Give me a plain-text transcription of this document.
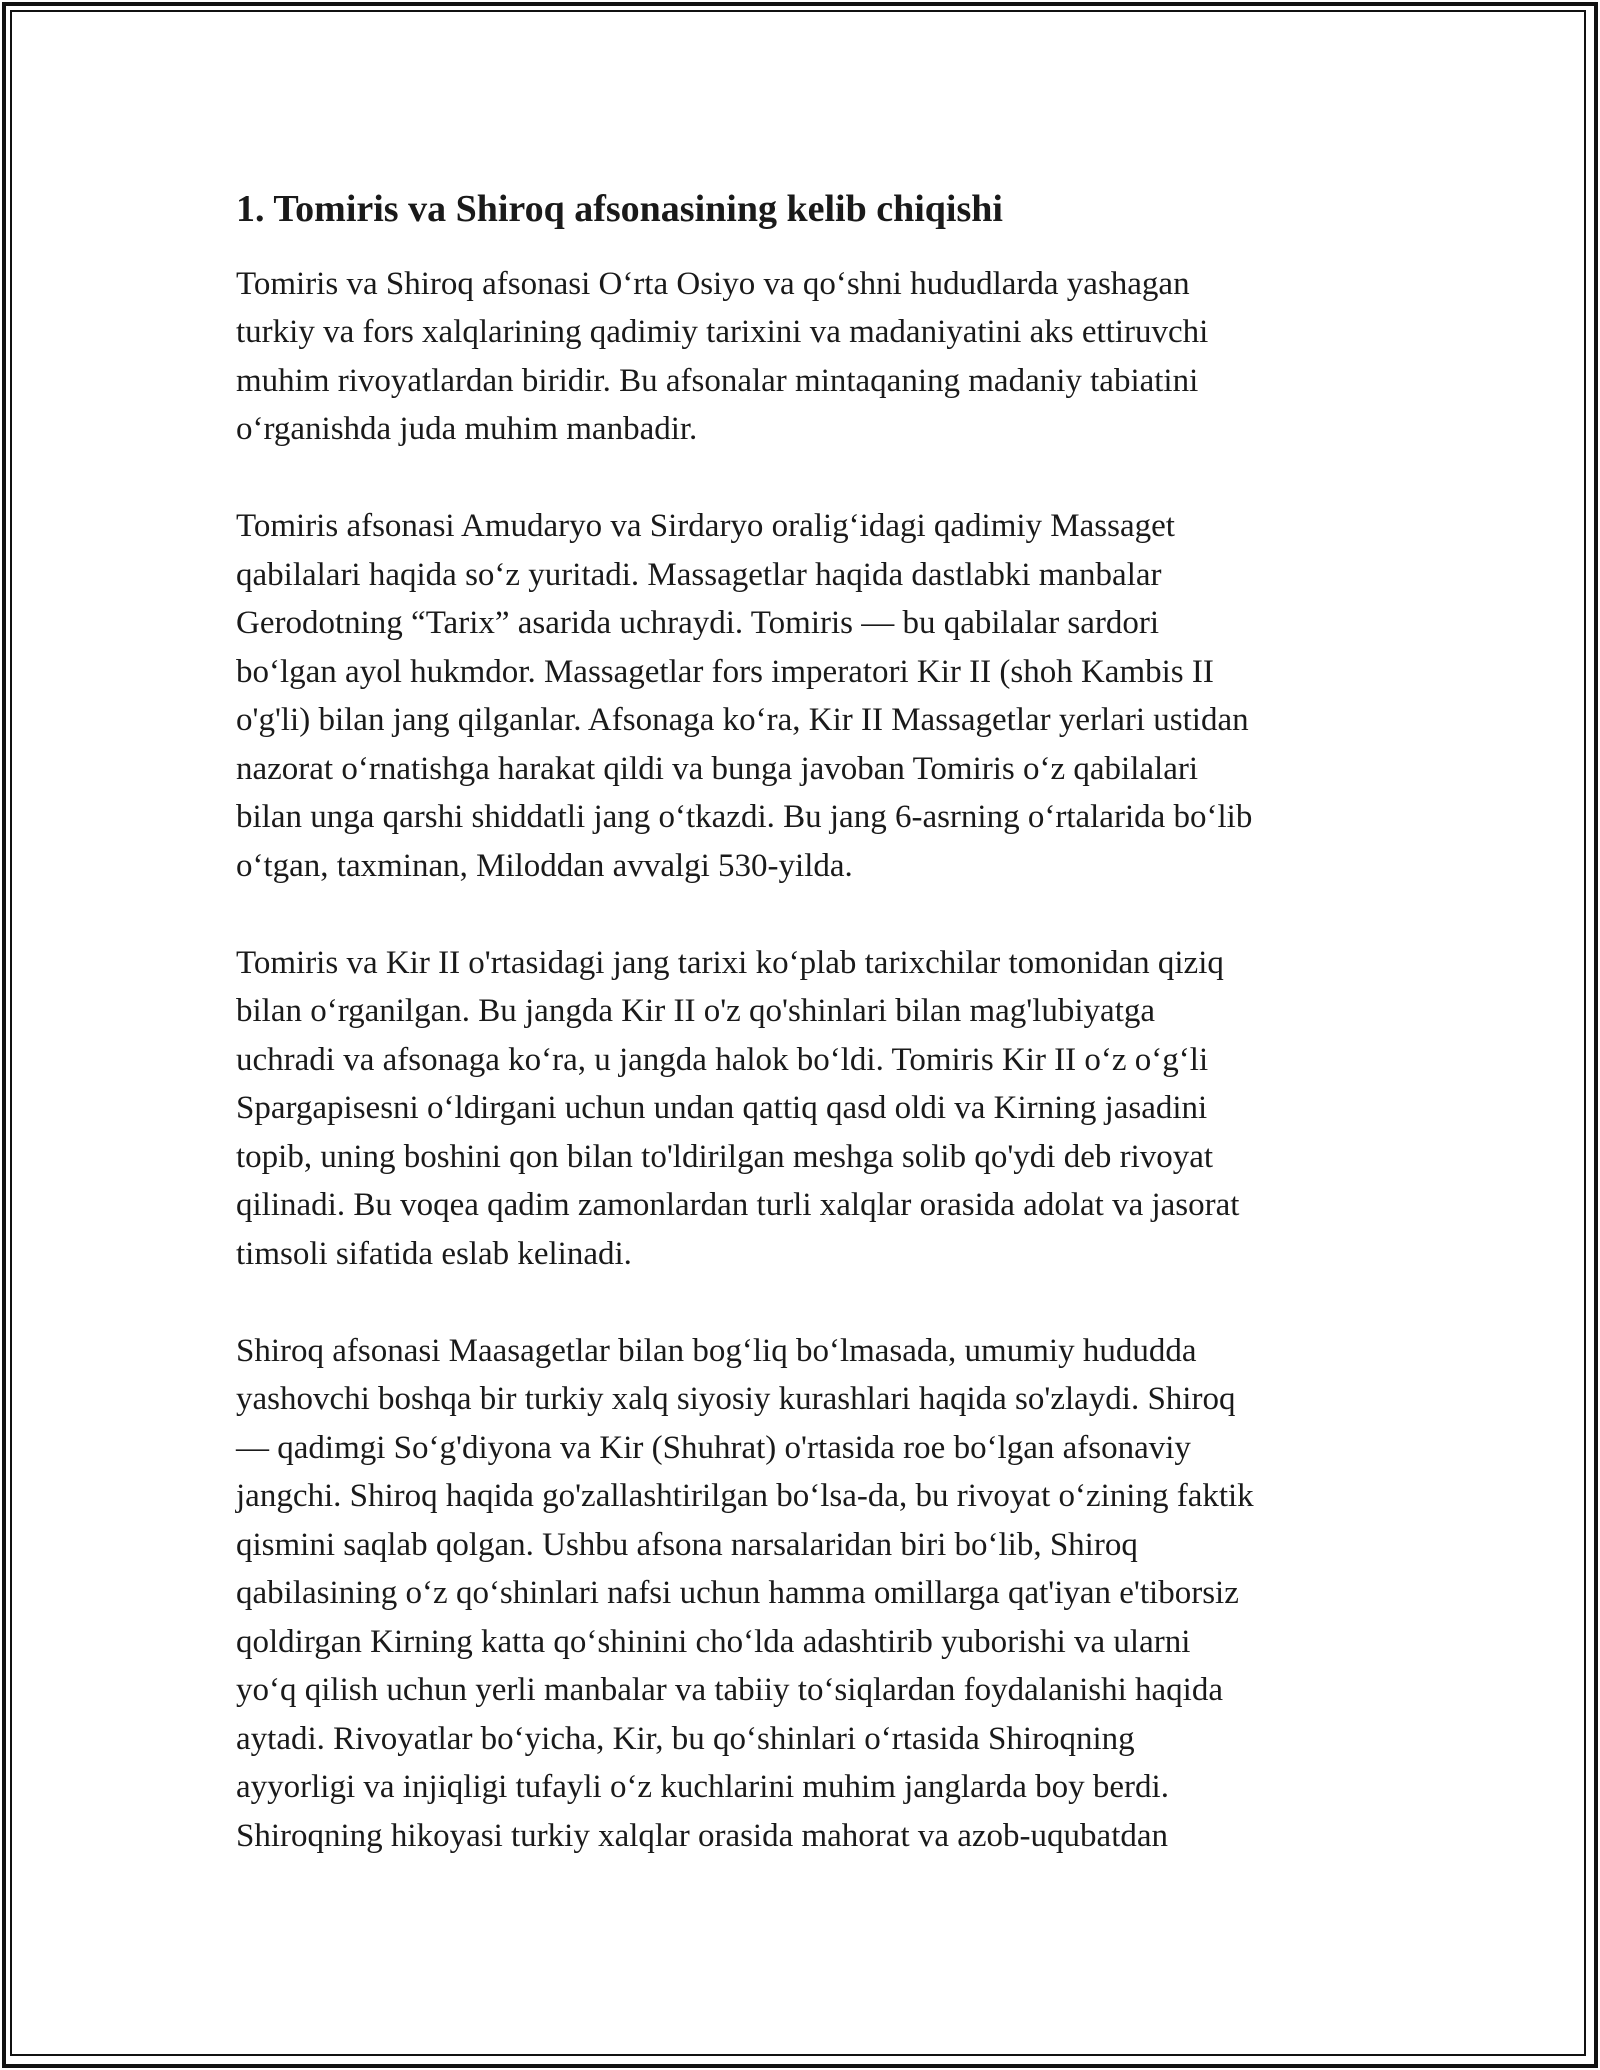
1. Tomiris va Shiroq afsonasining kelib chiqishi

Tomiris va Shiroq afsonasi O‘rta Osiyo va qo‘shni hududlarda yashagan
turkiy va fors xalqlarining qadimiy tarixini va madaniyatini aks ettiruvchi
muhim rivoyatlardan biridir. Bu afsonalar mintaqaning madaniy tabiatini
o‘rganishda juda muhim manbadir.

Tomiris afsonasi Amudaryo va Sirdaryo oralig‘idagi qadimiy Massaget
qabilalari haqida so‘z yuritadi. Massagetlar haqida dastlabki manbalar
Gerodotning “Tarix” asarida uchraydi. Tomiris — bu qabilalar sardori
bo‘lgan ayol hukmdor. Massagetlar fors imperatori Kir II (shoh Kambis II
o'g'li) bilan jang qilganlar. Afsonaga ko‘ra, Kir II Massagetlar yerlari ustidan
nazorat o‘rnatishga harakat qildi va bunga javoban Tomiris o‘z qabilalari
bilan unga qarshi shiddatli jang o‘tkazdi. Bu jang 6-asrning o‘rtalarida bo‘lib
o‘tgan, taxminan, Miloddan avvalgi 530-yilda.

Tomiris va Kir II o'rtasidagi jang tarixi ko‘plab tarixchilar tomonidan qiziq
bilan o‘rganilgan. Bu jangda Kir II o'z qo'shinlari bilan mag'lubiyatga
uchradi va afsonaga ko‘ra, u jangda halok bo‘ldi. Tomiris Kir II o‘z o‘g‘li
Spargapisesni o‘ldirgani uchun undan qattiq qasd oldi va Kirning jasadini
topib, uning boshini qon bilan to'ldirilgan meshga solib qo'ydi deb rivoyat
qilinadi. Bu voqea qadim zamonlardan turli xalqlar orasida adolat va jasorat
timsoli sifatida eslab kelinadi.

Shiroq afsonasi Maasagetlar bilan bog‘liq bo‘lmasada, umumiy hududda
yashovchi boshqa bir turkiy xalq siyosiy kurashlari haqida so'zlaydi. Shiroq
— qadimgi So‘g'diyona va Kir (Shuhrat) o'rtasida roe bo‘lgan afsonaviy
jangchi. Shiroq haqida go'zallashtirilgan bo‘lsa-da, bu rivoyat o‘zining faktik
qismini saqlab qolgan. Ushbu afsona narsalaridan biri bo‘lib, Shiroq
qabilasining o‘z qo‘shinlari nafsi uchun hamma omillarga qat'iyan e'tiborsiz
qoldirgan Kirning katta qo‘shinini cho‘lda adashtirib yuborishi va ularni
yo‘q qilish uchun yerli manbalar va tabiiy to‘siqlardan foydalanishi haqida
aytadi. Rivoyatlar bo‘yicha, Kir, bu qo‘shinlari o‘rtasida Shiroqning
ayyorligi va injiqligi tufayli o‘z kuchlarini muhim janglarda boy berdi.
Shiroqning hikoyasi turkiy xalqlar orasida mahorat va azob-uqubatdan
